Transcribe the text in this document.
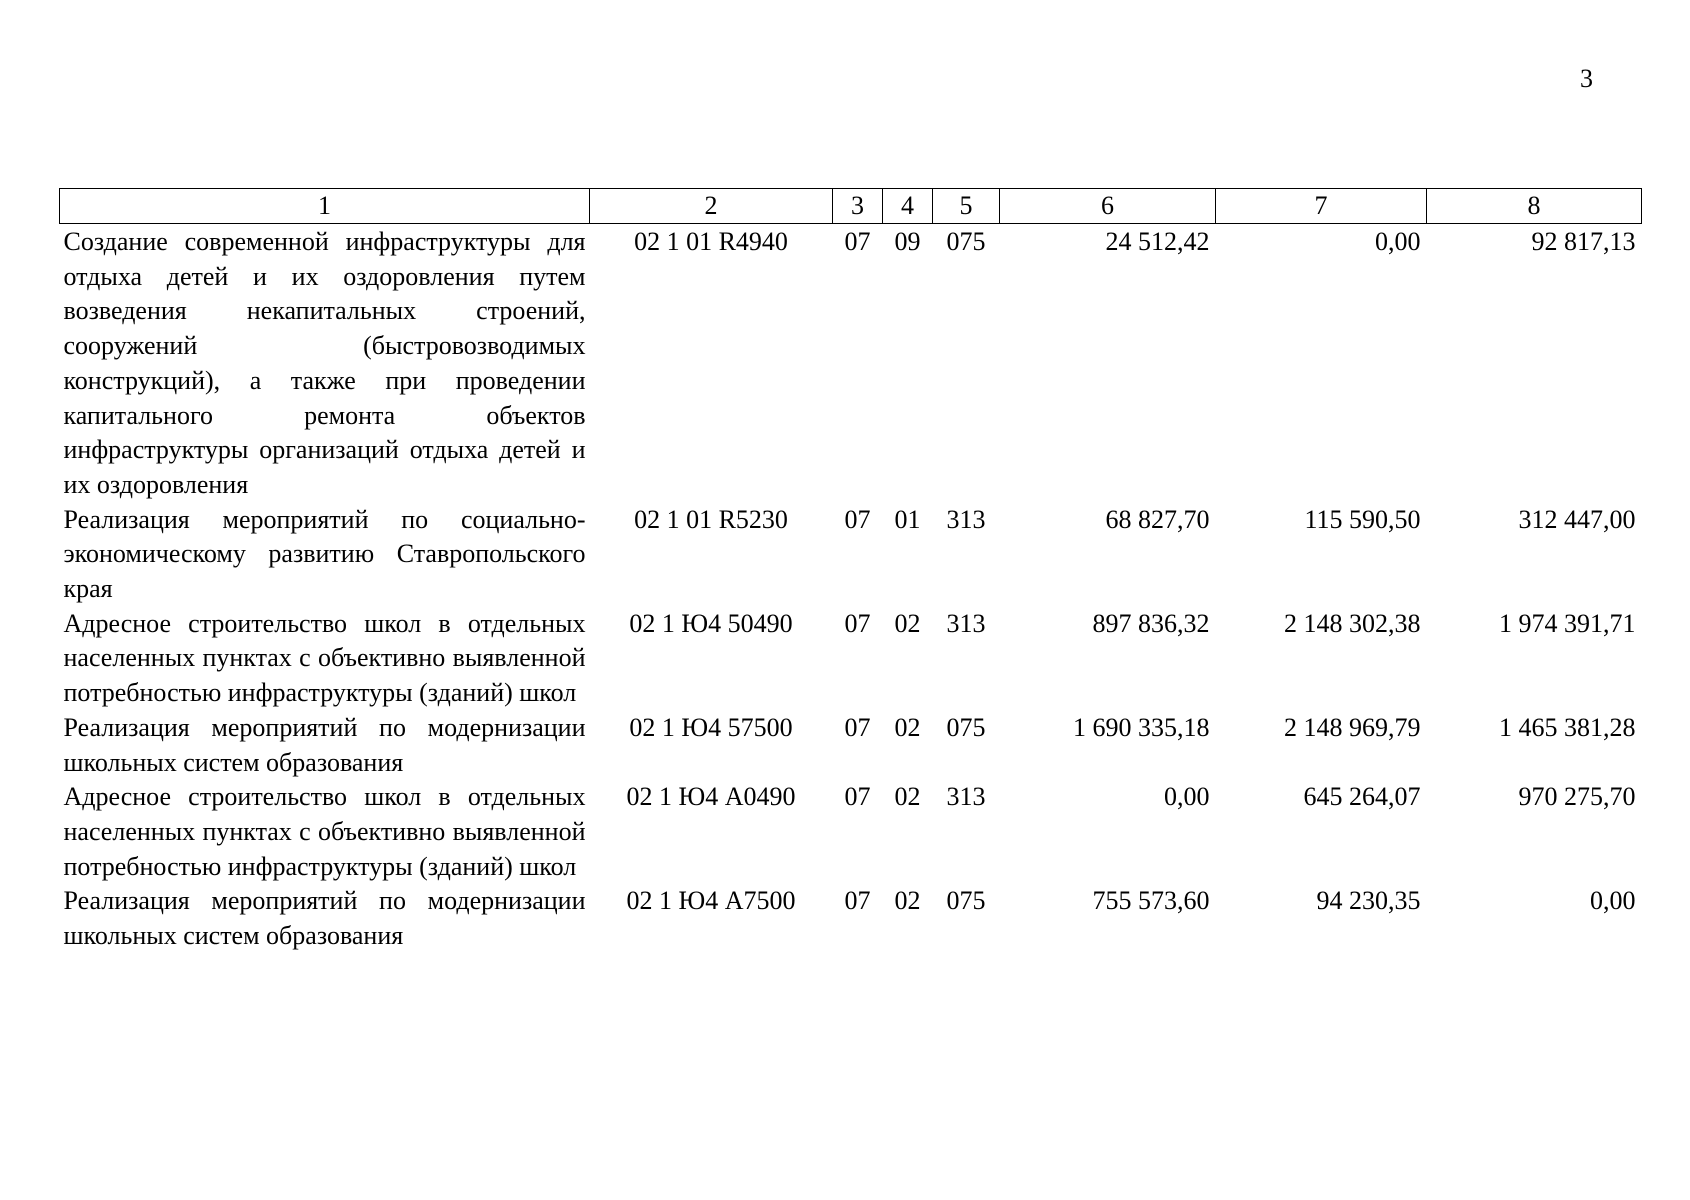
3
1	2	3	4	5	6	7	8
Создание современной инфраструктуры для отдыха детей и их оздоровления путем возведения некапитальных строений, сооружений (быстровозводимых конструкций), а также при проведении капитального ремонта объектов инфраструктуры организаций отдыха детей и их оздоровления	02 1 01 R4940	07	09	075	24 512,42	0,00	92 817,13
Реализация мероприятий по социально-экономическому развитию Ставропольского края	02 1 01 R5230	07	01	313	68 827,70	115 590,50	312 447,00
Адресное строительство школ в отдельных населенных пунктах с объективно выявленной потребностью инфраструктуры (зданий) школ	02 1 Ю4 50490	07	02	313	897 836,32	2 148 302,38	1 974 391,71
Реализация мероприятий по модернизации школьных систем образования	02 1 Ю4 57500	07	02	075	1 690 335,18	2 148 969,79	1 465 381,28
Адресное строительство школ в отдельных населенных пунктах с объективно выявленной потребностью инфраструктуры (зданий) школ	02 1 Ю4 А0490	07	02	313	0,00	645 264,07	970 275,70
Реализация мероприятий по модернизации школьных систем образования	02 1 Ю4 А7500	07	02	075	755 573,60	94 230,35	0,00
